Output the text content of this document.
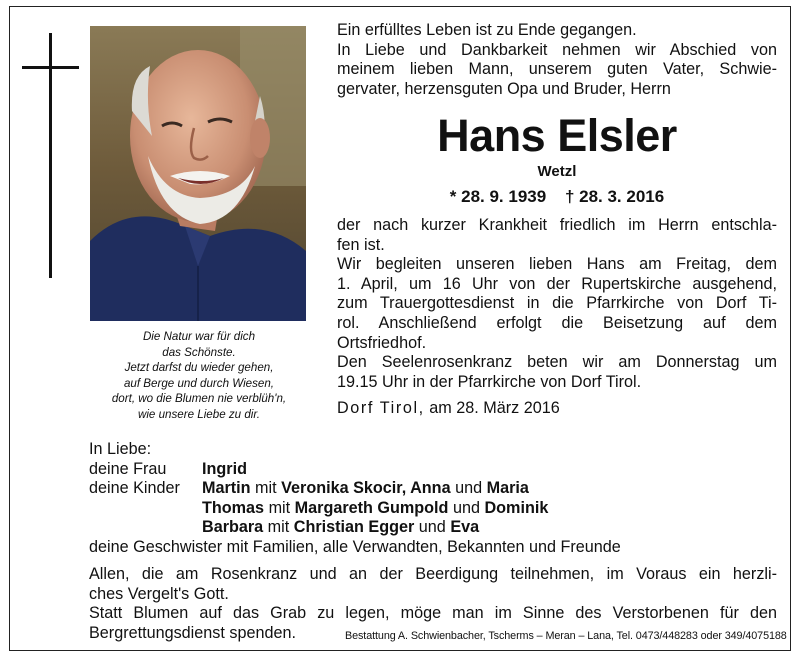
Die Natur war für dich
das Schönste.
Jetzt darfst du wieder gehen,
auf Berge und durch Wiesen,
dort, wo die Blumen nie verblüh'n,
wie unsere Liebe zu dir.
Ein erfülltes Leben ist zu Ende gegangen.
In Liebe und Dankbarkeit nehmen wir Abschied von
meinem lieben Mann, unserem guten Vater, Schwie-
gervater, herzensguten Opa und Bruder, Herrn
Hans Elsler
Wetzl
* 28. 9. 1939 † 28. 3. 2016
der nach kurzer Krankheit friedlich im Herrn entschla-
fen ist.
Wir begleiten unseren lieben Hans am Freitag, dem
1. April, um 16 Uhr von der Rupertskirche ausgehend,
zum Trauergottesdienst in die Pfarrkirche von Dorf Ti-
rol. Anschließend erfolgt die Beisetzung auf dem
Ortsfriedhof.
Den Seelenrosenkranz beten wir am Donnerstag um
19.15 Uhr in der Pfarrkirche von Dorf Tirol.
Dorf Tirol, am 28. März 2016
In Liebe:
deine Frau Ingrid
deine Kinder Martin mit Veronika Skocir, Anna und Maria
Thomas mit Margareth Gumpold und Dominik
Barbara mit Christian Egger und Eva
deine Geschwister mit Familien, alle Verwandten, Bekannten und Freunde
Allen, die am Rosenkranz und an der Beerdigung teilnehmen, im Voraus ein herzli-
ches Vergelt's Gott.
Statt Blumen auf das Grab zu legen, möge man im Sinne des Verstorbenen für den
Bergrettungsdienst spenden.	Bestattung A. Schwienbacher, Tscherms – Meran – Lana, Tel. 0473/448283 oder 349/4075188
